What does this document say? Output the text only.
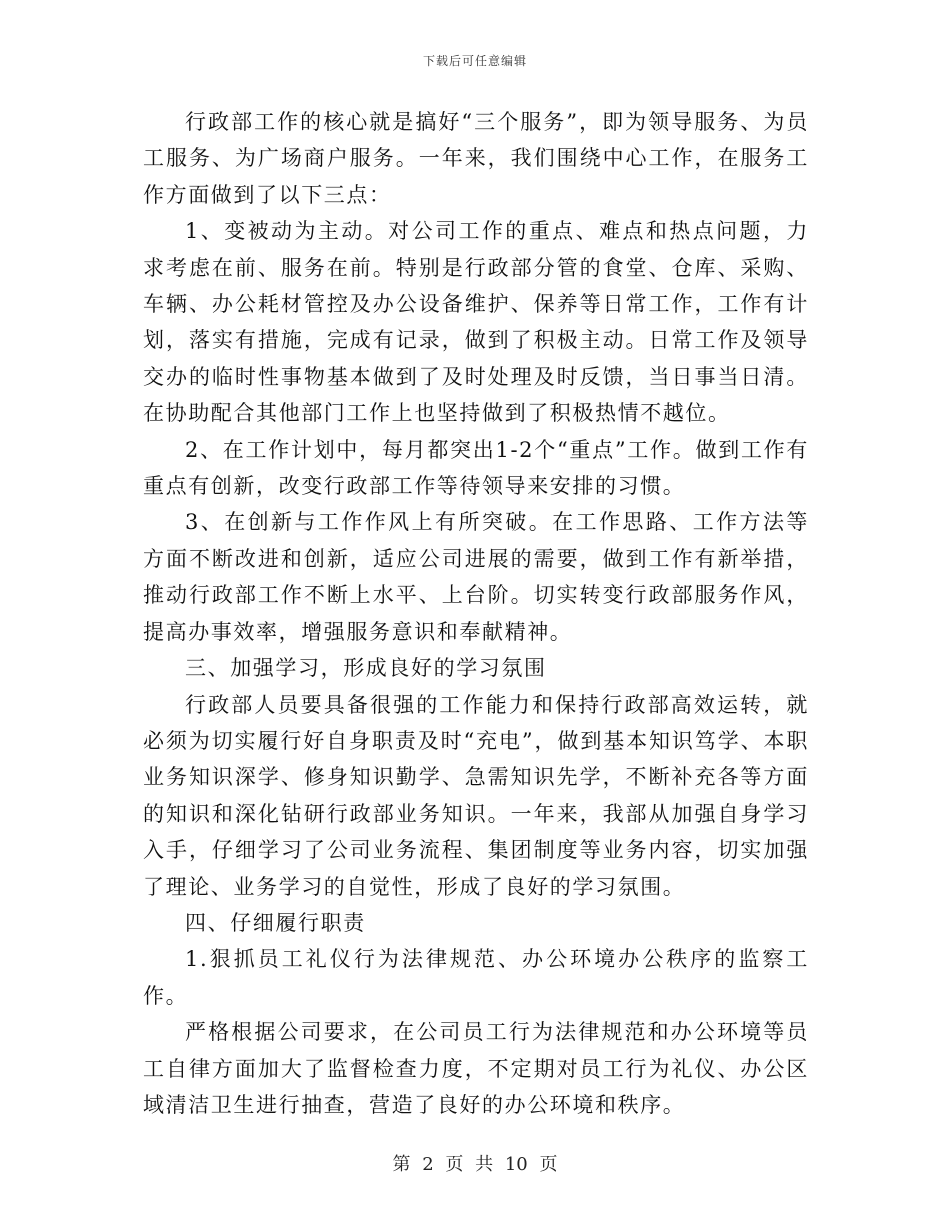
下载后可任意编辑

行政部工作的核心就是搞好“三个服务”，即为领导服务、为员工服务、为广场商户服务。一年来，我们围绕中心工作，在服务工作方面做到了以下三点：

1、变被动为主动。对公司工作的重点、难点和热点问题，力求考虑在前、服务在前。特别是行政部分管的食堂、仓库、采购、车辆、办公耗材管控及办公设备维护、保养等日常工作，工作有计划，落实有措施，完成有记录，做到了积极主动。日常工作及领导交办的临时性事物基本做到了及时处理及时反馈，当日事当日清。在协助配合其他部门工作上也坚持做到了积极热情不越位。

2、在工作计划中，每月都突出1-2个“重点”工作。做到工作有重点有创新，改变行政部工作等待领导来安排的习惯。

3、在创新与工作作风上有所突破。在工作思路、工作方法等方面不断改进和创新，适应公司进展的需要，做到工作有新举措，推动行政部工作不断上水平、上台阶。切实转变行政部服务作风，提高办事效率，增强服务意识和奉献精神。

三、加强学习，形成良好的学习氛围

行政部人员要具备很强的工作能力和保持行政部高效运转，就必须为切实履行好自身职责及时“充电”，做到基本知识笃学、本职业务知识深学、修身知识勤学、急需知识先学，不断补充各等方面的知识和深化钻研行政部业务知识。一年来，我部从加强自身学习入手，仔细学习了公司业务流程、集团制度等业务内容，切实加强了理论、业务学习的自觉性，形成了良好的学习氛围。

四、仔细履行职责

1.狠抓员工礼仪行为法律规范、办公环境办公秩序的监察工作。

严格根据公司要求，在公司员工行为法律规范和办公环境等员工自律方面加大了监督检查力度，不定期对员工行为礼仪、办公区域清洁卫生进行抽查，营造了良好的办公环境和秩序。

第 2 页 共 10 页
